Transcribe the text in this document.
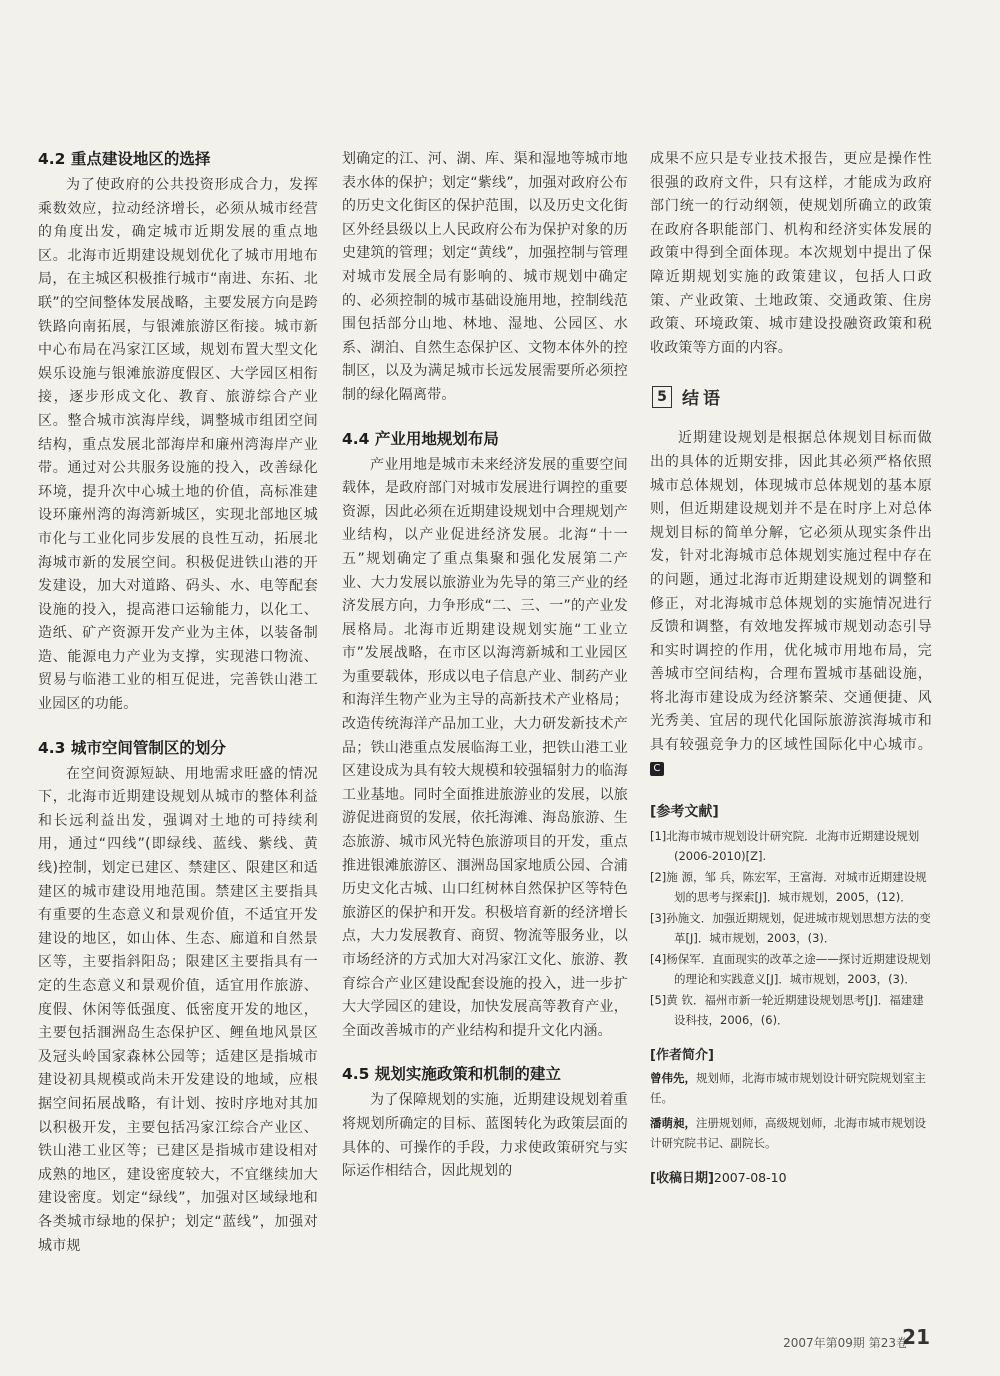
4.2 重点建设地区的选择

为了使政府的公共投资形成合力，发挥乘数效应，拉动经济增长，必须从城市经营的角度出发，确定城市近期发展的重点地区。北海市近期建设规划优化了城市用地布局，在主城区积极推行城市“南进、东拓、北联”的空间整体发展战略，主要发展方向是跨铁路向南拓展，与银滩旅游区衔接。城市新中心布局在冯家江区域，规划布置大型文化娱乐设施与银滩旅游度假区、大学园区相衔接，逐步形成文化、教育、旅游综合产业区。整合城市滨海岸线，调整城市组团空间结构，重点发展北部海岸和廉州湾海岸产业带。通过对公共服务设施的投入，改善绿化环境，提升次中心城土地的价值，高标准建设环廉州湾的海湾新城区，实现北部地区城市化与工业化同步发展的良性互动，拓展北海城市新的发展空间。积极促进铁山港的开发建设，加大对道路、码头、水、电等配套设施的投入，提高港口运输能力，以化工、造纸、矿产资源开发产业为主体，以装备制造、能源电力产业为支撑，实现港口物流、贸易与临港工业的相互促进，完善铁山港工业园区的功能。

4.3 城市空间管制区的划分

在空间资源短缺、用地需求旺盛的情况下，北海市近期建设规划从城市的整体利益和长远利益出发，强调对土地的可持续利用，通过“四线”(即绿线、蓝线、紫线、黄线)控制，划定已建区、禁建区、限建区和适建区的城市建设用地范围。禁建区主要指具有重要的生态意义和景观价值，不适宜开发建设的地区，如山体、生态、廊道和自然景区等，主要指斜阳岛；限建区主要指具有一定的生态意义和景观价值，适宜用作旅游、度假、休闲等低强度、低密度开发的地区，主要包括涠洲岛生态保护区、鲤鱼地风景区及冠头岭国家森林公园等；适建区是指城市建设初具规模或尚未开发建设的地域，应根据空间拓展战略，有计划、按时序地对其加以积极开发，主要包括冯家江综合产业区、铁山港工业区等；已建区是指城市建设相对成熟的地区，建设密度较大，不宜继续加大建设密度。划定“绿线”，加强对区域绿地和各类城市绿地的保护；划定“蓝线”，加强对城市规

划确定的江、河、湖、库、渠和湿地等城市地表水体的保护；划定“紫线”，加强对政府公布的历史文化街区的保护范围，以及历史文化街区外经县级以上人民政府公布为保护对象的历史建筑的管理；划定“黄线”，加强控制与管理对城市发展全局有影响的、城市规划中确定的、必须控制的城市基础设施用地，控制线范围包括部分山地、林地、湿地、公园区、水系、湖泊、自然生态保护区、文物本体外的控制区，以及为满足城市长远发展需要所必须控制的绿化隔离带。

4.4 产业用地规划布局

产业用地是城市未来经济发展的重要空间载体，是政府部门对城市发展进行调控的重要资源，因此必须在近期建设规划中合理规划产业结构，以产业促进经济发展。北海“十一五”规划确定了重点集聚和强化发展第二产业、大力发展以旅游业为先导的第三产业的经济发展方向，力争形成“二、三、一”的产业发展格局。北海市近期建设规划实施“工业立市”发展战略，在市区以海湾新城和工业园区为重要载体，形成以电子信息产业、制药产业和海洋生物产业为主导的高新技术产业格局；改造传统海洋产品加工业，大力研发新技术产品；铁山港重点发展临海工业，把铁山港工业区建设成为具有较大规模和较强辐射力的临海工业基地。同时全面推进旅游业的发展，以旅游促进商贸的发展，依托海滩、海岛旅游、生态旅游、城市风光特色旅游项目的开发，重点推进银滩旅游区、涠洲岛国家地质公园、合浦历史文化古城、山口红树林自然保护区等特色旅游区的保护和开发。积极培育新的经济增长点，大力发展教育、商贸、物流等服务业，以市场经济的方式加大对冯家江文化、旅游、教育综合产业区建设配套设施的投入，进一步扩大大学园区的建设，加快发展高等教育产业，全面改善城市的产业结构和提升文化内涵。

4.5 规划实施政策和机制的建立

为了保障规划的实施，近期建设规划着重将规划所确定的目标、蓝图转化为政策层面的具体的、可操作的手段，力求使政策研究与实际运作相结合，因此规划的

成果不应只是专业技术报告，更应是操作性很强的政府文件，只有这样，才能成为政府部门统一的行动纲领，使规划所确立的政策在政府各职能部门、机构和经济实体发展的政策中得到全面体现。本次规划中提出了保障近期规划实施的政策建议，包括人口政策、产业政策、土地政策、交通政策、住房政策、环境政策、城市建设投融资政策和税收政策等方面的内容。

5 结语

近期建设规划是根据总体规划目标而做出的具体的近期安排，因此其必须严格依照城市总体规划，体现城市总体规划的基本原则，但近期建设规划并不是在时序上对总体规划目标的简单分解，它必须从现实条件出发，针对北海城市总体规划实施过程中存在的问题，通过北海市近期建设规划的调整和修正，对北海城市总体规划的实施情况进行反馈和调整，有效地发挥城市规划动态引导和实时调控的作用，优化城市用地布局，完善城市空间结构，合理布置城市基础设施，将北海市建设成为经济繁荣、交通便捷、风光秀美、宜居的现代化国际旅游滨海城市和具有较强竞争力的区域性国际化中心城市。C

[参考文献]

[1]北海市城市规划设计研究院．北海市近期建设规划(2006-2010)[Z].

[2]施 源，邹 兵，陈宏军，王富海．对城市近期建设规划的思考与探索[J]．城市规划，2005，(12)．

[3]孙施文．加强近期规划，促进城市规划思想方法的变革[J]．城市规划，2003，(3)．

[4]杨保军．直面现实的改革之途——探讨近期建设规划的理论和实践意义[J]．城市规划，2003，(3)．

[5]黄 钦．福州市新一轮近期建设规划思考[J]．福建建设科技，2006，(6)．

[作者简介]

曾伟先，规划师，北海市城市规划设计研究院规划室主任。

潘萌昶，注册规划师，高级规划师，北海市城市规划设计研究院书记、副院长。

[收稿日期]2007-08-10
2007年第09期 第23卷
21
